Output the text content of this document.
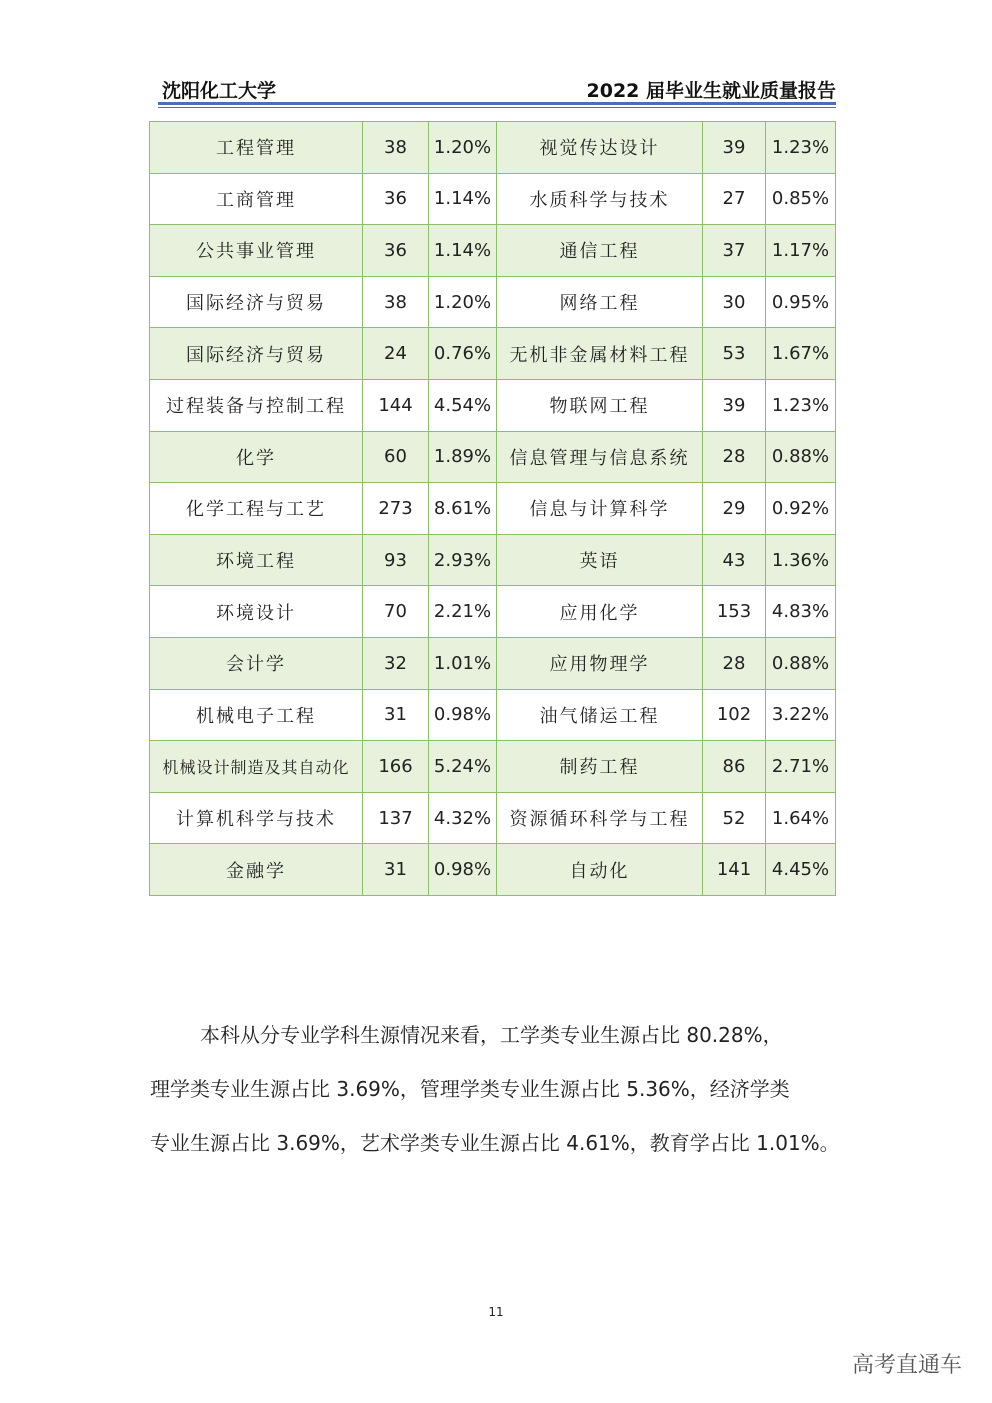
沈阳化工大学	2022 届毕业生就业质量报告
工程管理	38	1.20%	视觉传达设计	39	1.23%
工商管理	36	1.14%	水质科学与技术	27	0.85%
公共事业管理	36	1.14%	通信工程	37	1.17%
国际经济与贸易	38	1.20%	网络工程	30	0.95%
国际经济与贸易	24	0.76%	无机非金属材料工程	53	1.67%
过程装备与控制工程	144	4.54%	物联网工程	39	1.23%
化学	60	1.89%	信息管理与信息系统	28	0.88%
化学工程与工艺	273	8.61%	信息与计算科学	29	0.92%
环境工程	93	2.93%	英语	43	1.36%
环境设计	70	2.21%	应用化学	153	4.83%
会计学	32	1.01%	应用物理学	28	0.88%
机械电子工程	31	0.98%	油气储运工程	102	3.22%
机械设计制造及其自动化	166	5.24%	制药工程	86	2.71%
计算机科学与技术	137	4.32%	资源循环科学与工程	52	1.64%
金融学	31	0.98%	自动化	141	4.45%

本科从分专业学科生源情况来看，工学类专业生源占比 80.28%，

理学类专业生源占比 3.69%，管理学类专业生源占比 5.36%，经济学类

专业生源占比 3.69%，艺术学类专业生源占比 4.61%，教育学占比 1.01%。

11
高考直通车
